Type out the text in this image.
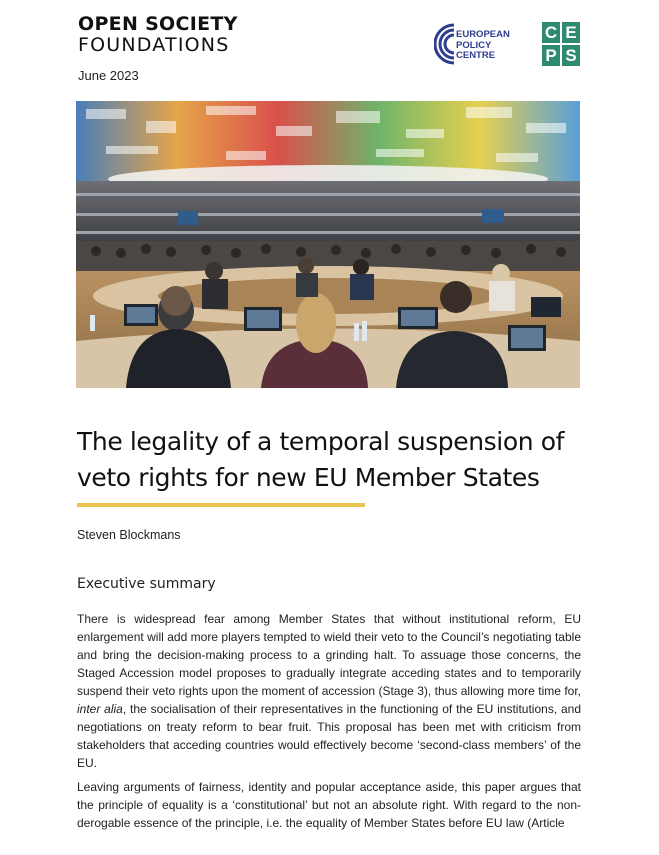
OPEN SOCIETY
FOUNDATIONS
June 2023
EUROPEAN
POLICY
CENTRE
C E
P S
The legality of a temporal suspension of veto rights for new EU Member States
Steven Blockmans
Executive summary

There is widespread fear among Member States that without institutional reform, EU enlargement will add more players tempted to wield their veto to the Council’s negotiating table and bring the decision-making process to a grinding halt. To assuage those concerns, the Staged Accession model proposes to gradually integrate acceding states and to temporarily suspend their veto rights upon the moment of accession (Stage 3), thus allowing more time for, inter alia, the socialisation of their representatives in the functioning of the EU institutions, and negotiations on treaty reform to bear fruit. This proposal has been met with criticism from stakeholders that acceding countries would effectively become ‘second-class members’ of the EU.

Leaving arguments of fairness, identity and popular acceptance aside, this paper argues that the principle of equality is a ‘constitutional’ but not an absolute right. With regard to the non-derogable essence of the principle, i.e. the equality of Member States before EU law (Article
